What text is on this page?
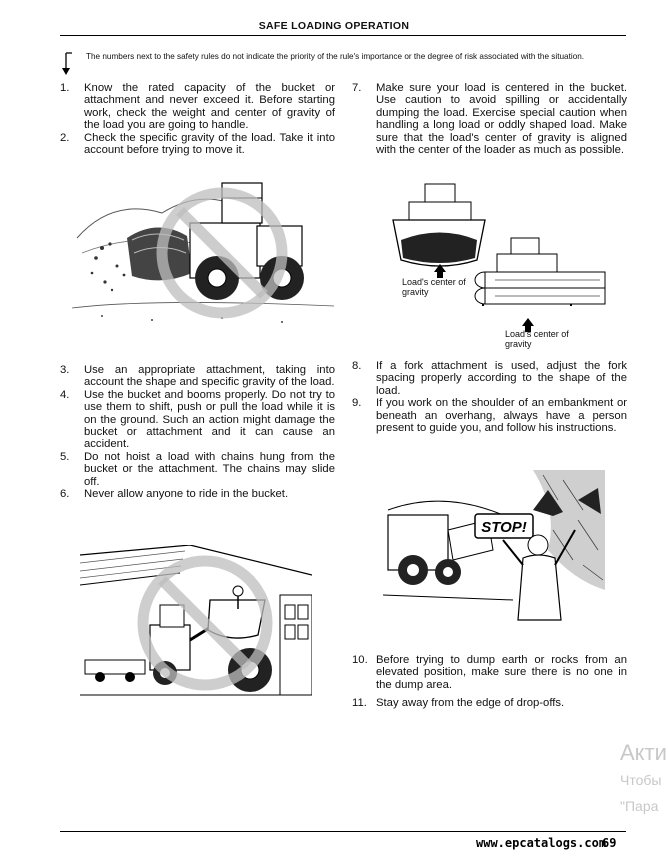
SAFE LOADING OPERATION
The numbers next to the safety rules do not indicate the priority of the rule's importance or the degree of risk associated with the situation.

1. Know the rated capacity of the bucket or attachment and never exceed it. Before starting work, check the weight and center of gravity of the load you are going to handle.

2. Check the specific gravity of the load. Take it into account before trying to move it.

7. Make sure your load is centered in the bucket. Use caution to avoid spilling or accidentally dumping the load. Exercise special caution when handling a long load or oddly shaped load. Make sure that the load's center of gravity is aligned with the center of the loader as much as possible.

Load's center of gravity
Load's center of gravity

3. Use an appropriate attachment, taking into account the shape and specific gravity of the load.

4. Use the bucket and booms properly. Do not try to use them to shift, push or pull the load while it is on the ground. Such an action might damage the bucket or attachment and it can cause an accident.

5. Do not hoist a load with chains hung from the bucket or the attachment. The chains may slide off.

6. Never allow anyone to ride in the bucket.

8. If a fork attachment is used, adjust the fork spacing properly according to the shape of the load.

9. If you work on the shoulder of an embankment or beneath an overhang, always have a person present to guide you, and follow his instructions.

STOP!

10. Before trying to dump earth or rocks from an elevated position, make sure there is no one in the dump area.

11. Stay away from the edge of drop-offs.

Акти
Чтобы
"Пара
www.epcatalogs.com69
